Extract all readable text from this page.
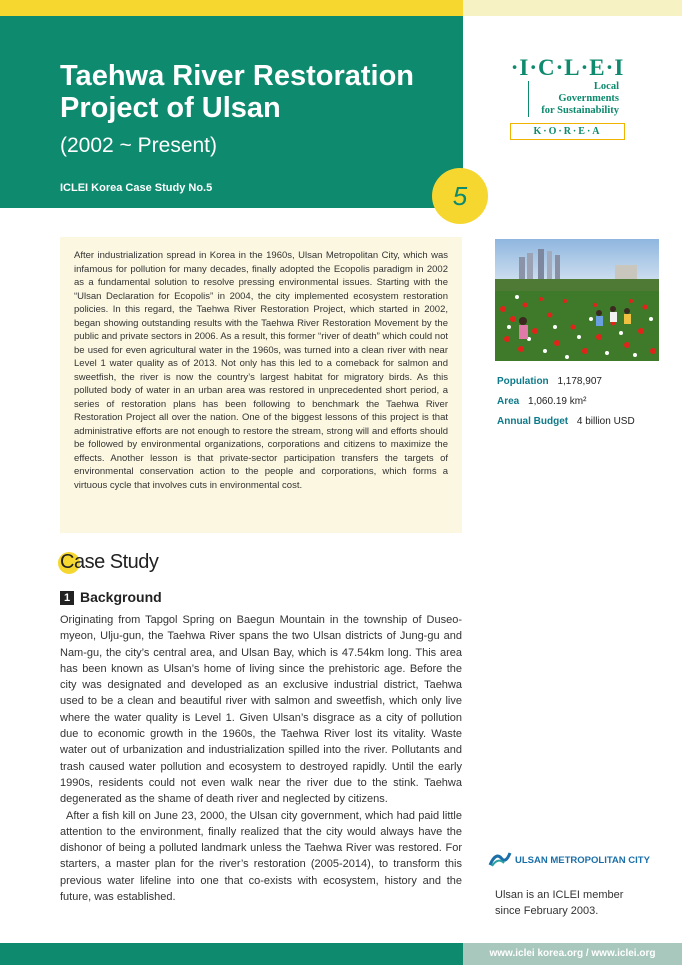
Taehwa River Restoration
Project of Ulsan
(2002 ~ Present)
ICLEI Korea Case Study No.5	5
·I·C·L·E·I
Local
Governments
for Sustainability
K·O·R·E·A
After industrialization spread in Korea in the 1960s, Ulsan Metropolitan City, which was infamous for pollution for many decades, finally adopted the Ecopolis paradigm in 2002 as a fundamental solution to resolve pressing environmental issues. Starting with the “Ulsan Declaration for Ecopolis” in 2004, the city implemented ecosystem restoration policies. In this regard, the Taehwa River Restoration Project, which started in 2002, began showing outstanding results with the Taehwa River Restoration Movement by the public and private sectors in 2006. As a result, this former “river of death” which could not be used for even agricultural water in the 1960s, was turned into a clean river with near Level 1 water quality as of 2013. Not only has this led to a comeback for salmon and sweetfish, the river is now the country’s largest habitat for migratory birds. As this polluted body of water in an urban area was restored in unprecedented short period, a series of restoration plans has been following to benchmark the Taehwa River Restoration Project all over the nation. One of the biggest lessons of this project is that administrative efforts are not enough to restore the stream, strong will and efforts should be followed by environmental organizations, corporations and citizens to maximize the effects. Another lesson is that private-sector participation transfers the targets of environmental conservation action to the people and corporations, which forms a virtuous cycle that involves cuts in environmental cost.
Population 1,178,907
Area 1,060.19 km²
Annual Budget 4 billion USD
Case Study
1 Background

Originating from Tapgol Spring on Baegun Mountain in the township of Duseo-myeon, Ulju-gun, the Taehwa River spans the two Ulsan districts of Jung-gu and Nam-gu, the city’s central area, and Ulsan Bay, which is 47.54km long. This area has been known as Ulsan’s home of living since the prehistoric age. Before the city was designated and developed as an exclusive industrial district, Taehwa used to be a clean and beautiful river with salmon and sweetfish, which only live where the water quality is Level 1. Given Ulsan’s disgrace as a city of pollution due to economic growth in the 1960s, the Taehwa River lost its vitality. Waste water out of urbanization and industrialization spilled into the river. Pollutants and trash caused water pollution and ecosystem to destroyed rapidly. Until the early 1990s, residents could not even walk near the river due to the stink. Taehwa degenerated as the shame of death river and neglected by citizens.

After a fish kill on June 23, 2000, the Ulsan city government, which had paid little attention to the environment, finally realized that the city would always have the dishonor of being a polluted landmark unless the Taehwa River was restored. For starters, a master plan for the river’s restoration (2005-2014), to transform this previous water lifeline into one that co-exists with ecosystem, history and the future, was established.

ULSAN METROPOLITAN CITY
Ulsan is an ICLEI member
since February 2003.
www.iclei korea.org / www.iclei.org
